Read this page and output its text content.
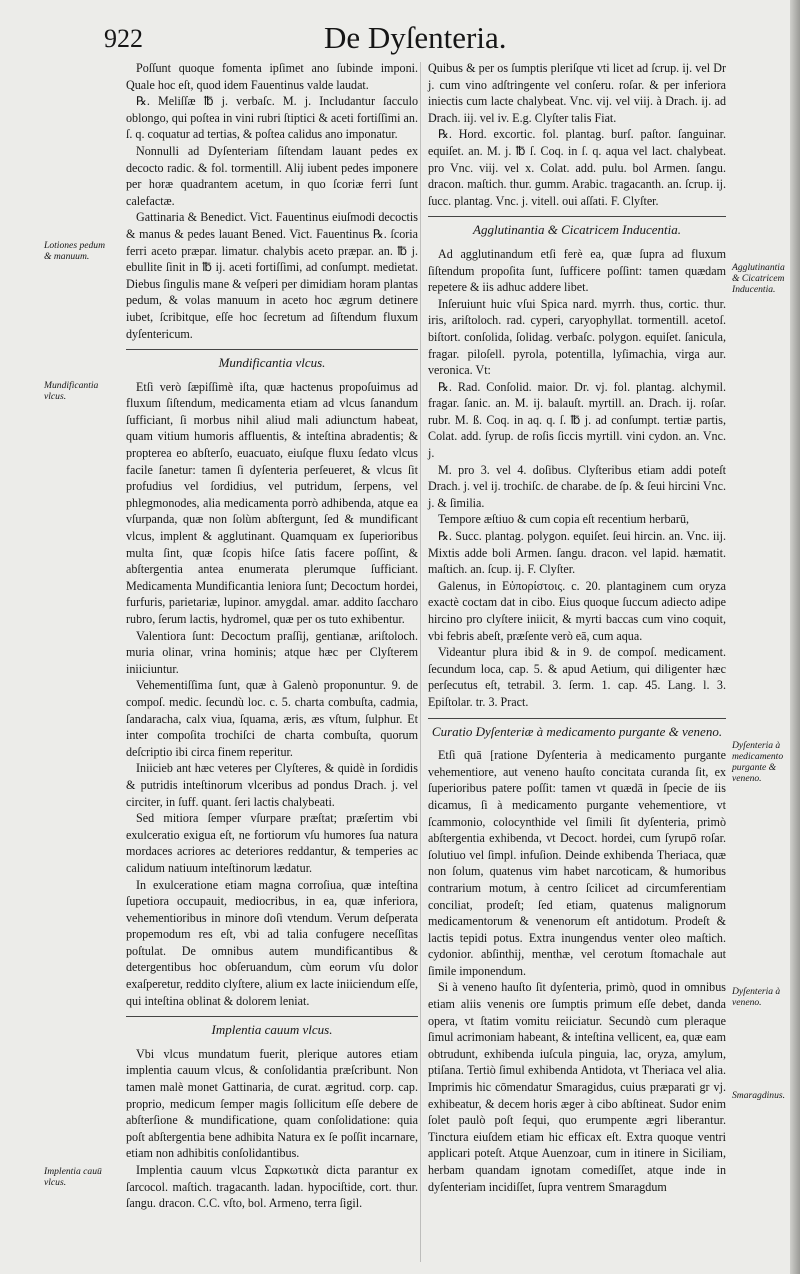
922	De Dyſenteria.

Poſſunt quoque fomenta ipſimet ano ſubinde imponi. Quale hoc eſt, quod idem Fauentinus valde laudat.

℞. Meliſſæ ℔ j. verbaſc. M. j. Includantur ſacculo oblongo, qui poſtea in vini rubri ſtiptici & aceti fortiſſimi an. ſ. q. coquatur ad tertias, & poſtea calidus ano imponatur.

Nonnulli ad Dyſenteriam ſiſtendam lauant pedes ex decocto radic. & fol. tormentill. Alij iubent pedes imponere per horæ quadrantem acetum, in quo ſcoriæ ferri ſunt calefactæ.

Gattinaria & Benedict. Vict. Fauentinus eiuſmodi decoctis & manus & pedes lauant Bened. Vict. Fauentinus ℞. ſcoria ferri aceto præpar. limatur. chalybis aceto præpar. an. ℔ j. ebullite ſinit in ℔ ij. aceti fortiſſimi, ad conſumpt. medietat. Diebus ſingulis mane & veſperi per dimidiam horam plantas pedum, & volas manuum in aceto hoc ægrum detinere iubet, ſcribitque, eſſe hoc ſecretum ad ſiſtendum fluxum dyſentericum.

Mundificantia vlcus.

Etſi verò ſæpiſſimè iſta, quæ hactenus propoſuimus ad fluxum ſiſtendum, medicamenta etiam ad vlcus ſanandum ſufficiant, ſi morbus nihil aliud mali adiunctum habeat, quam vitium humoris affluentis, & inteſtina abradentis; & propterea eo abſterſo, euacuato, eiuſque fluxu ſedato vlcus facile ſanetur: tamen ſi dyſenteria perſeueret, & vlcus ſit profudius vel ſordidius, vel putridum, ſerpens, vel phlegmonodes, alia medicamenta porrò adhibenda, atque ea vſurpanda, quæ non ſolùm abſtergunt, ſed & mundificant vlcus, implent & agglutinant. Quamquam ex ſuperioribus multa ſint, quæ ſcopis hiſce ſatis facere poſſint, & abſtergentia antea enumerata plerumque ſufficiant. Medicamenta Mundificantia leniora ſunt; Decoctum hordei, furfuris, parietariæ, lupinor. amygdal. amar. addito ſaccharo rubro, ſerum lactis, hydromel, quæ per os tuto exhibentur.

Valentiora ſunt: Decoctum praſſij, gentianæ, ariſtoloch. muria olinar, vrina hominis; atque hæc per Clyſterem iniiciuntur.

Vehementiſſima ſunt, quæ à Galenò proponuntur. 9. de compoſ. medic. ſecundù loc. c. 5. charta combuſta, cadmia, ſandaracha, calx viua, ſquama, æris, æs vſtum, ſulphur. Et inter compoſita trochiſci de charta combuſta, quorum deſcriptio ibi circa finem reperitur.

Iniicieb ant hæc veteres per Clyſteres, & quidè in ſordidis & putridis inteſtinorum vlceribus ad pondus Drach. j. vel circiter, in ſuff. quant. ſeri lactis chalybeati.

Sed mitiora ſemper vſurpare præſtat; præſertim vbi exulceratio exigua eſt, ne fortiorum vſu humores ſua natura mordaces acriores ac deteriores reddantur, & temperies ac calidum natiuum inteſtinorum lædatur.

In exulceratione etiam magna corroſiua, quæ inteſtina ſupetiora occupauit, mediocribus, in ea, quæ inferiora, vehementioribus in minore doſi vtendum. Verum deſperata propemodum res eſt, vbi ad talia confugere neceſſitas poſtulat. De omnibus autem mundificantibus & detergentibus hoc obſeruandum, cùm eorum vſu dolor exaſperetur, reddito clyſtere, alium ex lacte iniiciendum eſſe, qui inteſtina oblinat & dolorem leniat.

Implentia cauum vlcus.

Vbi vlcus mundatum fuerit, plerique autores etiam implentia cauum vlcus, & conſolidantia præſcribunt. Non tamen malè monet Gattinaria, de curat. ægritud. corp. cap. proprio, medicum ſemper magis ſollicitum eſſe debere de abſterſione & mundificatione, quam conſolidatione: quia poſt abſtergentia bene adhibita Natura ex ſe poſſit incarnare, etiam non adhibitis conſolidantibus.

Implentia cauum vlcus Σαρκωτικὰ dicta parantur ex ſarcocol. maſtich. tragacanth. ladan. hypociſtide, cort. thur. ſangu. dracon. C.C. vſto, bol. Armeno, terra ſigil.

Quibus & per os ſumptis pleriſque vti licet ad ſcrup. ij. vel Dr j. cum vino adſtringente vel conſeru. roſar. & per inferiora iniectis cum lacte chalybeat. Vnc. vij. vel viij. à Drach. ij. ad Drach. iij. vel iv. E.g. Clyſter talis Fiat.

℞. Hord. excortic. fol. plantag. burſ. paſtor. ſanguinar. equiſet. an. M. j. ℔ ſ. Coq. in ſ. q. aqua vel lact. chalybeat. pro Vnc. viij. vel x. Colat. add. pulu. bol Armen. ſangu. dracon. maſtich. thur. gumm. Arabic. tragacanth. an. ſcrup. ij. ſucc. plantag. Vnc. j. vitell. oui aſſati. F. Clyſter.

Agglutinantia & Cicatricem Inducentia.

Ad agglutinandum etſi ferè ea, quæ ſupra ad fluxum ſiſtendum propoſita ſunt, ſufficere poſſint: tamen quædam repetere & iis adhuc addere libet.

Inſeruiunt huic vſui Spica nard. myrrh. thus, cortic. thur. iris, ariſtoloch. rad. cyperi, caryophyllat. tormentill. acetoſ. biſtort. conſolida, ſolidag. verbaſc. polygon. equiſet. ſanicula, fragar. piloſell. pyrola, potentilla, lyſimachia, virga aur. veronica. Vt:

℞. Rad. Conſolid. maior. Dr. vj. fol. plantag. alchymil. fragar. ſanic. an. M. ij. balauſt. myrtill. an. Drach. ij. roſar. rubr. M. ß. Coq. in aq. q. ſ. ℔ j. ad conſumpt. tertiæ partis, Colat. add. ſyrup. de roſis ſiccis myrtill. vini cydon. an. Vnc. j.

M. pro 3. vel 4. doſibus. Clyſteribus etiam addi poteſt Drach. j. vel ij. trochiſc. de charabe. de ſp. & ſeui hircini Vnc. j. & ſimilia.

Tempore æſtiuo & cum copia eſt recentium herbarū,

℞. Succ. plantag. polygon. equiſet. ſeui hircin. an. Vnc. iij. Mixtis adde boli Armen. ſangu. dracon. vel lapid. hæmatit. maſtich. an. ſcup. ij. F. Clyſter.

Galenus, in Εὐπορίστοις. c. 20. plantaginem cum oryza exactè coctam dat in cibo. Eius quoque ſuccum adiecto adipe hircino pro clyſtere iniicit, & myrti baccas cum vino coquit, vbi febris abeſt, præſente verò eā, cum aqua.

Videantur plura ibid & in 9. de compoſ. medicament. ſecundum loca, cap. 5. & apud Aetium, qui diligenter hæc perſecutus eſt, tetrabil. 3. ſerm. 1. cap. 45. Lang. l. 3. Epiſtolar. tr. 3. Pract.

Curatio Dyſenteriæ à medicamento purgante & veneno.

Etſi quā [ratione Dyſenteria à medicamento purgante vehementiore, aut veneno hauſto concitata curanda ſit, ex ſuperioribus patere poſſit: tamen vt quædā in ſpecie de iis dicamus, ſi à medicamento purgante vehementiore, vt ſcammonio, colocynthide vel ſimili ſit dyſenteria, primò abſtergentia exhibenda, vt Decoct. hordei, cum ſyrupō roſar. ſolutiuo vel ſimpl. infuſion. Deinde exhibenda Theriaca, quæ non ſolum, quatenus vim habet narcoticam, & humoribus contrarium motum, à centro ſcilicet ad circumferentiam conciliat, prodeſt; ſed etiam, quatenus malignorum medicamentorum & venenorum eſt antidotum. Prodeſt & lactis tepidi potus. Extra inungendus venter oleo maſtich. cydonior. abſinthij, menthæ, vel cerotum ſtomachale aut ſimile imponendum.

Si à veneno hauſto ſit dyſenteria, primò, quod in omnibus etiam aliis venenis ore ſumptis primum eſſe debet, danda opera, vt ſtatim vomitu reiiciatur. Secundò cum pleraque ſimul acrimoniam habeant, & inteſtina vellicent, ea, quæ eam obtrudunt, exhibenda iuſcula pinguia, lac, oryza, amylum, ptiſana. Tertiò ſimul exhibenda Antidota, vt Theriaca vel alia. Imprimis hic cōmendatur Smaragidus, cuius præparati gr vj. exhibeatur, & decem horis æger à cibo abſtineat. Sudor enim ſolet paulò poſt ſequi, quo erumpente ægri liberantur. Tinctura eiuſdem etiam hic efficax eſt. Extra quoque ventri applicari poteſt. Atque Auenzoar, cum in itinere in Siciliam, herbam quandam ignotam comediſſet, atque inde in dyſenteriam incidiſſet, ſupra ventrem Smaragdum

Lotiones pedum & manuum.
Mundificantia vlcus.
Implentia cauū vlcus.
Agglutinantia & Cicatricem Inducentia.
Dyſenteria à medicamento purgante & veneno.
Dyſenteria à veneno.
Smaragdinus.
